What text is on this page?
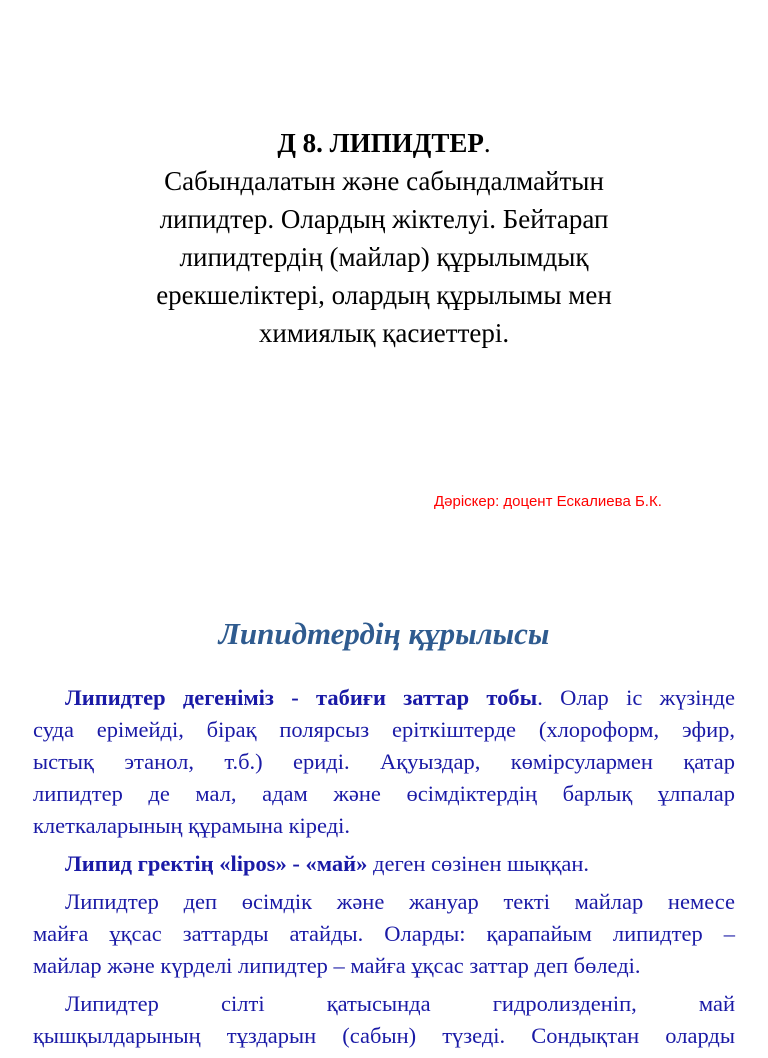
Д 8. ЛИПИДТЕР.
Сабындалатын және сабындалмайтын
липидтер. Олардың жіктелуі. Бейтарап
липидтердің (майлар) құрылымдық
ерекшеліктері, олардың құрылымы мен
химиялық қасиеттері.
Дәріскер: доцент Ескалиева Б.К.
Липидтердің құрылысы

Липидтер дегеніміз - табиғи заттар тобы. Олар іс жүзінде
суда ерімейді, бірақ полярсыз еріткіштерде (хлороформ, эфир,
ыстық этанол, т.б.) ериді. Ақуыздар, көмірсулармен қатар
липидтер де мал, адам және өсімдіктердің барлық ұлпалар
клеткаларының құрамына кіреді.

Липид гректің «lipos» - «май» деген сөзінен шыққан.

Липидтер деп өсімдік және жануар текті майлар немесе
майға ұқсас заттарды атайды. Оларды: қарапайым липидтер –
майлар және күрделі липидтер – майға ұқсас заттар деп бөледі.

Липидтер сілті қатысында гидролизденіп, май
қышқылдарының тұздарын (сабын) түзеді. Сондықтан оларды
